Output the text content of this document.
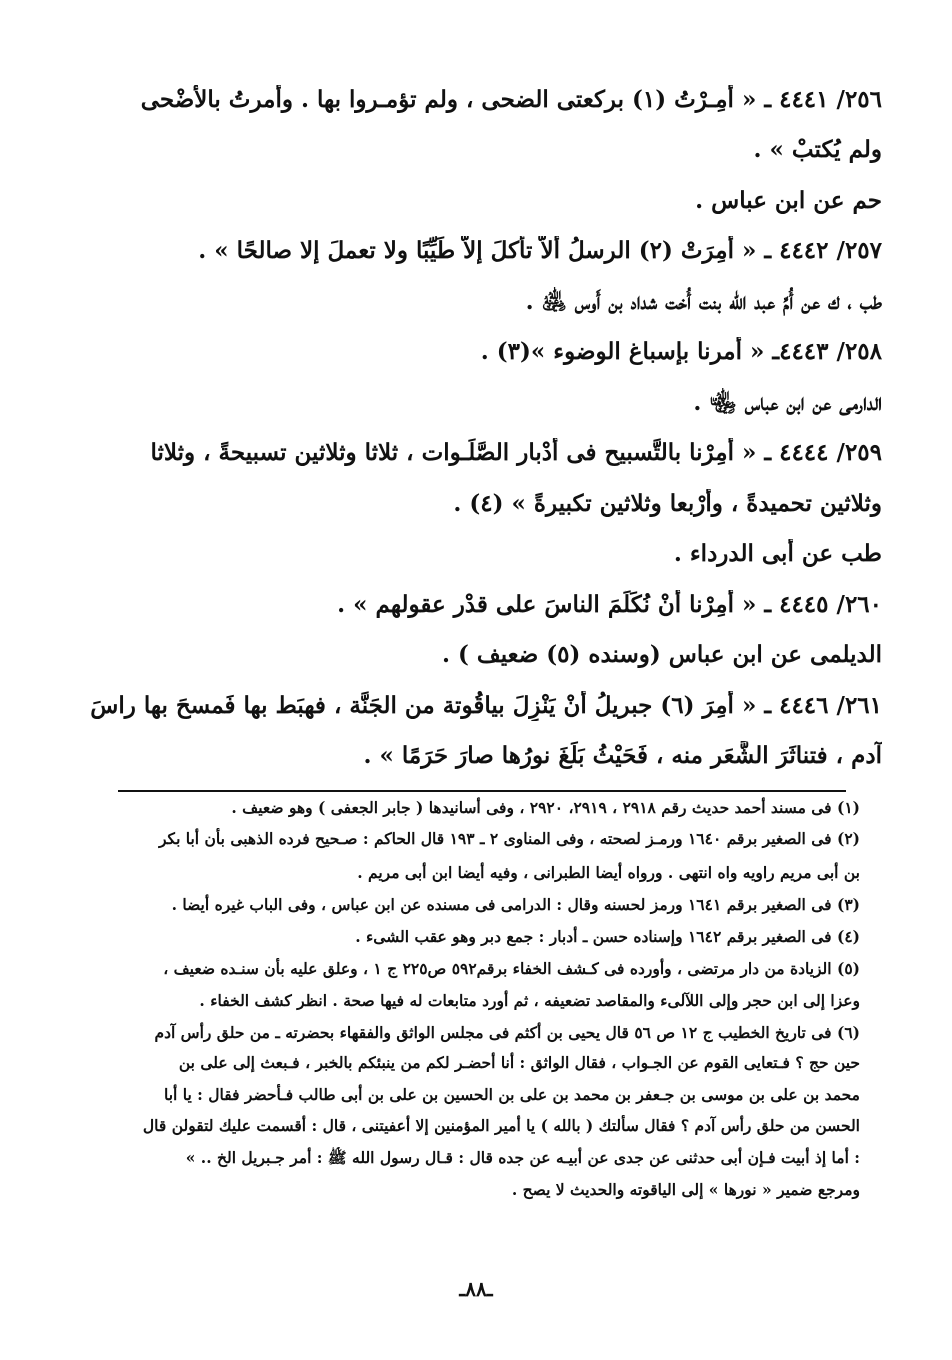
٢٥٦/ ٤٤٤١ ـ « أُمِـرْتُ (١) بركعتى الضحى ، ولم تؤمـروا بها . وأُمرتُ بالأَضْحى
ولم يُكتبْ » .
حم عن ابن عباس .
٢٥٧/ ٤٤٤٢ ـ « أُمِرَتْ (٢) الرسلُ أَلاَّ تأكلَ إلاَّ طَيِّبًا ولا تعملَ إلا صالحًا » .
طب ، ك عن أُمِّ عبد الله بنت أُخت شداد بن أَوس ﵁ .
٢٥٨/ ٤٤٤٣ـ « أُمرنا بإسباغ الوضوء »(٣) .
الدارمى عن ابن عباس ﵄ .
٢٥٩/ ٤٤٤٤ ـ « أُمِرْنا بالتَّسبيح فى أَدْبار الصَّلَـوات ، ثلاثا وثلاثين تسبيحةً ، وثلاثا
وثلاثين تحميدةً ، وأَرْبعا وثلاثين تكبيرةً » (٤) .
طب عن أَبى الدرداء .
٢٦٠/ ٤٤٤٥ ـ « أُمِرْنا أَنْ نُكَلِّمَ الناسَ على قدْر عقولهم » .
الديلمى عن ابن عباس (وسنده (٥) ضعيف ) .
٢٦١/ ٤٤٤٦ ـ « أُمِرَ (٦) جبريلُ أَنْ يَنْزِلَ بياقُوتة من الجَنَّة ، فهبَط بها فَمسحَ بها راسَ
آدم ، فتناثَرَ الشَّعَر منه ، فَحَيْثُ بَلَغَ نورُها صارَ حَرَمًا » .
(١) فى مسند أحمد حديث رقم ٢٩١٨ ، ٢٩١٩، ٢٩٢٠ ، وفى أسانيدها ( جابر الجعفى ) وهو ضعيف .
(٢) فى الصغير برقم ١٦٤٠ ورمـز لصحته ، وفى المناوى ٢ ـ ١٩٣ قال الحاكم : صـحيح فرده الذهبى بأن أبا بكر
بن أبى مريم راويه واه انتهى . ورواه أيضا الطبرانى ، وفيه أيضا ابن أبى مريم .
(٣) فى الصغير برقم ١٦٤١ ورمز لحسنه وقال : الدرامى فى مسنده عن ابن عباس ، وفى الباب غيره أيضا .
(٤) فى الصغير برقم ١٦٤٢ وإسناده حسن ـ أدبار : جمع دبر وهو عقب الشىء .
(٥) الزيادة من دار مرتضى ، وأورده فى كـشف الخفاء برقم٥٩٢ ص٢٢٥ ج ١ ، وعلق عليه بأن سنـده ضعيف ،
وعزا إلى ابن حجر وإلى اللآلىء والمقاصد تضعيفه ، ثم أورد متابعات له فيها صحة . انظر كشف الخفاء .
(٦) فى تاريخ الخطيب ج ١٢ ص ٥٦ قال يحيى بن أكثم فى مجلس الواثق والفقهاء بحضرته ـ من حلق رأس آدم
حين حج ؟ فـتعايى القوم عن الجـواب ، فقال الواثق : أنا أحضـر لكم من ينبئكم بالخبر ، فـبعث إلى على بن
محمد بن على بن موسى بن جـعفر بن محمد بن على بن الحسين بن على بن أبى طالب فـأحضر فقال : يا أبا
الحسن من حلق رأس آدم ؟ فقال سألتك ( بالله ) يا أمير المؤمنين إلا أعفيتنى ، قال : أقسمت عليك لتقولن قال
: أما إذ أبيت فـإن أبى حدثنى عن جدى عن أبيـه عن جده قال : قـال رسول الله ﷺ : أمر جـبريل الخ .. »
ومرجع ضمير « نورها » إلى الياقوته والحديث لا يصح .
ـ٨٨ـ
